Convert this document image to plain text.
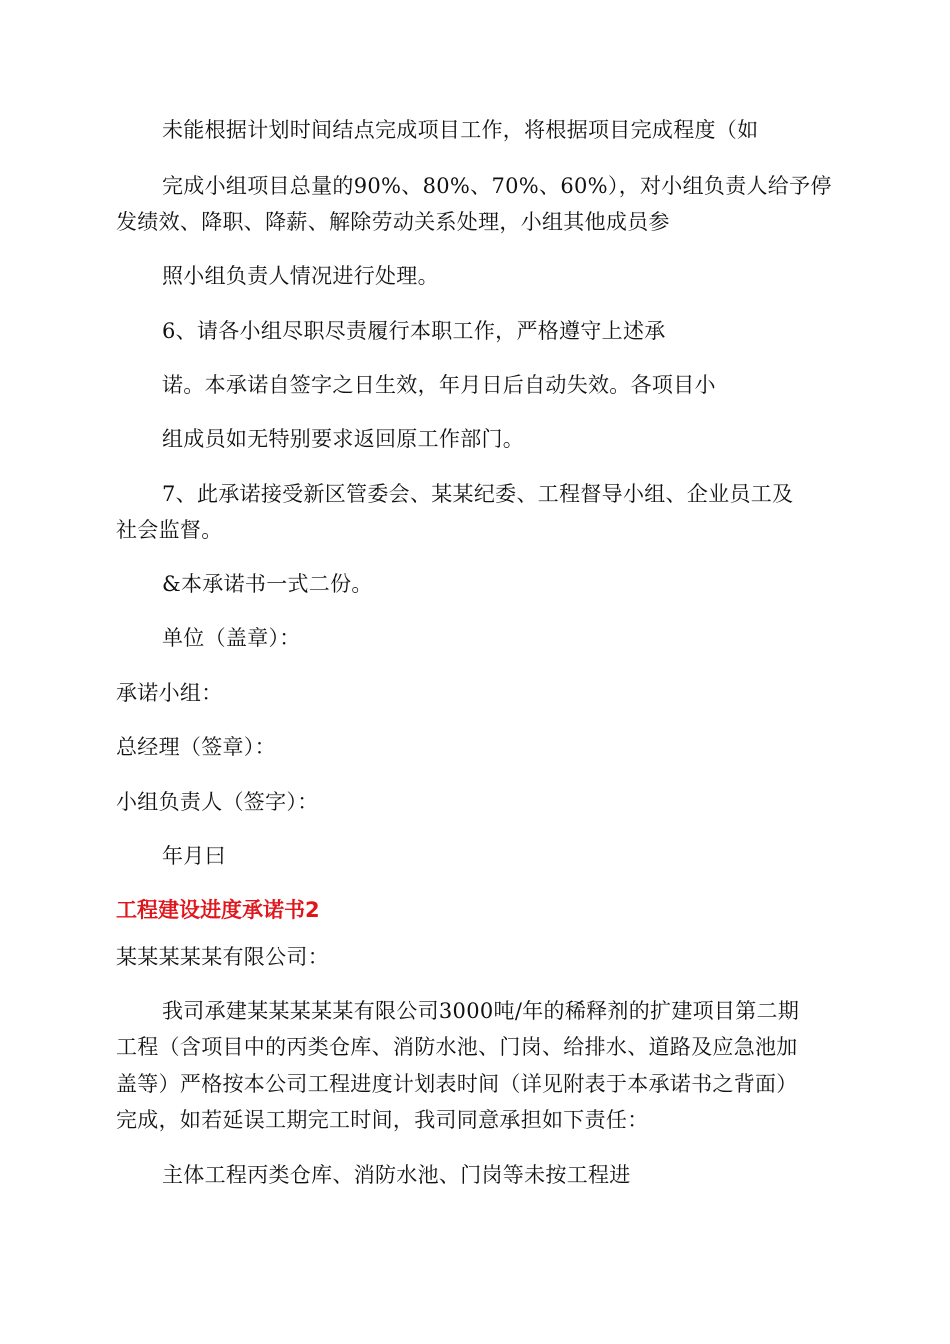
未能根据计划时间结点完成项目工作，将根据项目完成程度（如
完成小组项目总量的90%、80%、70%、60%），对小组负责人给予停
发绩效、降职、降薪、解除劳动关系处理，小组其他成员参
照小组负责人情况进行处理。
6、请各小组尽职尽责履行本职工作，严格遵守上述承
诺。本承诺自签字之日生效，年月日后自动失效。各项目小
组成员如无特别要求返回原工作部门。
7、此承诺接受新区管委会、某某纪委、工程督导小组、企业员工及
社会监督。
&本承诺书一式二份。
单位（盖章）：
承诺小组：
总经理（签章）：
小组负责人（签字）：
年月曰
工程建设进度承诺书2
某某某某某有限公司：
我司承建某某某某某有限公司3000吨/年的稀释剂的扩建项目第二期
工程（含项目中的丙类仓库、消防水池、门岗、给排水、道路及应急池加
盖等）严格按本公司工程进度计划表时间（详见附表于本承诺书之背面）
完成，如若延误工期完工时间，我司同意承担如下责任：
主体工程丙类仓库、消防水池、门岗等未按工程进
